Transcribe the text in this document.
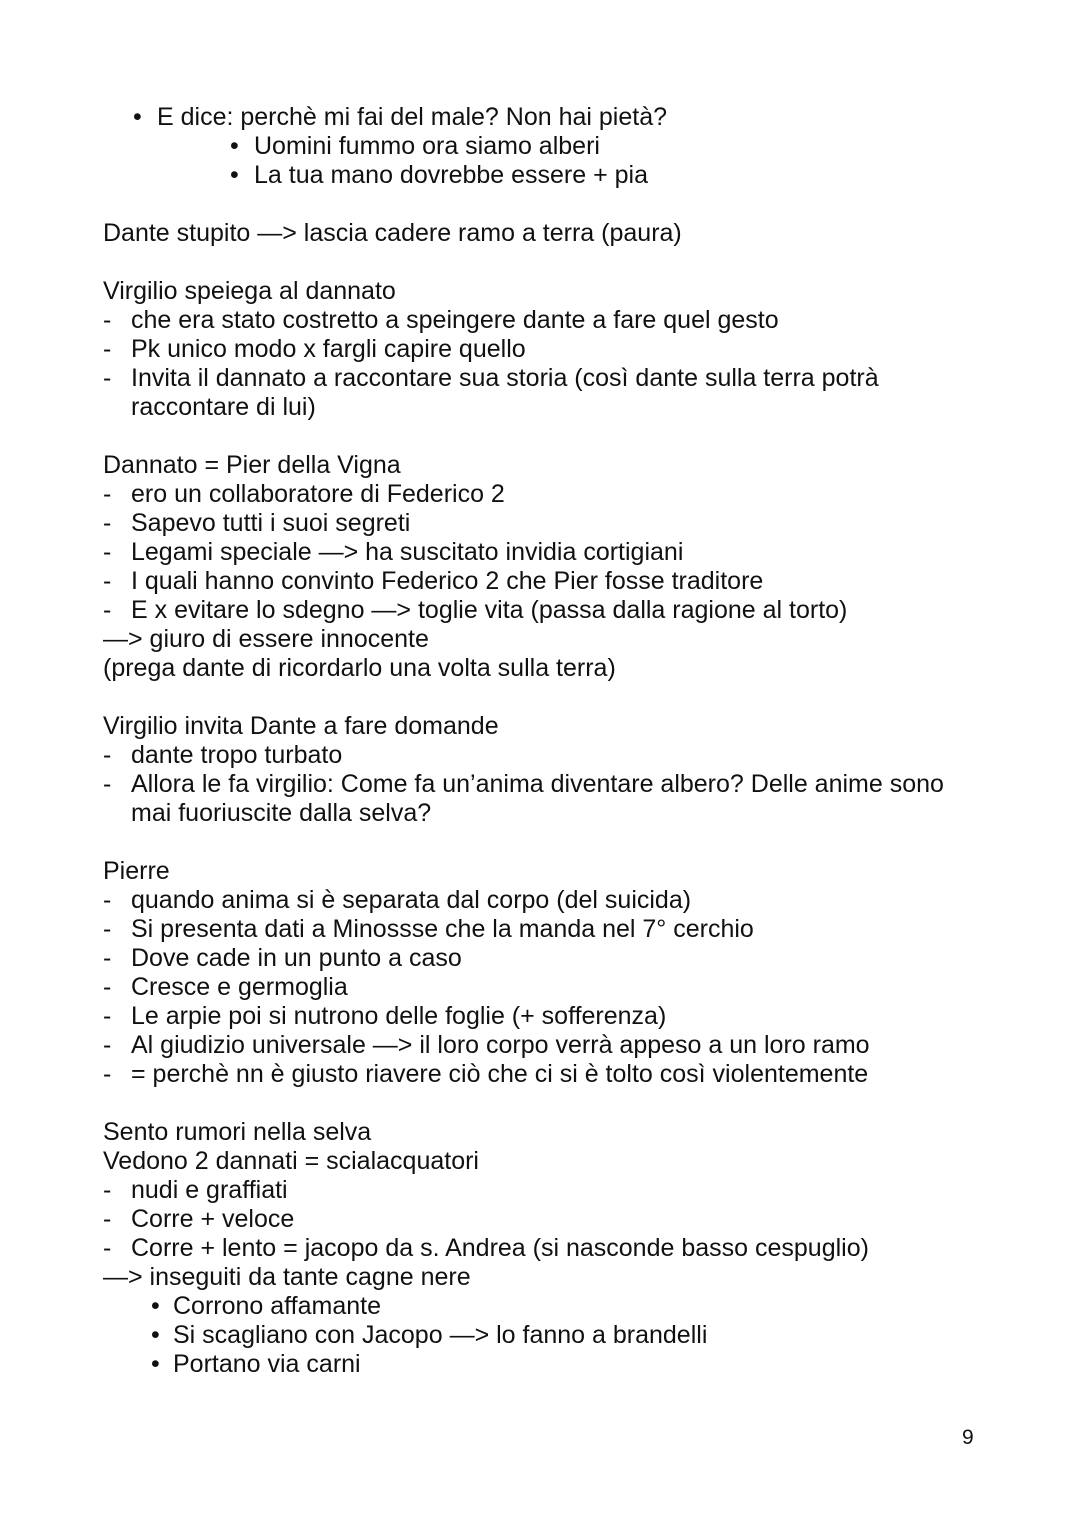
• E dice: perchè mi fai del male? Non hai pietà?
• Uomini fummo ora siamo alberi
• La tua mano dovrebbe essere + pia
Dante stupito —> lascia cadere ramo a terra (paura)
Virgilio speiega al dannato
- che era stato costretto a speingere dante a fare quel gesto
- Pk unico modo x fargli capire quello
- Invita il dannato a raccontare sua storia (così dante sulla terra potrà
raccontare di lui)
Dannato = Pier della Vigna
- ero un collaboratore di Federico 2
- Sapevo tutti i suoi segreti
- Legami speciale —> ha suscitato invidia cortigiani
- I quali hanno convinto Federico 2 che Pier fosse traditore
- E x evitare lo sdegno —> toglie vita (passa dalla ragione al torto)
—> giuro di essere innocente
(prega dante di ricordarlo una volta sulla terra)
Virgilio invita Dante a fare domande
- dante tropo turbato
- Allora le fa virgilio: Come fa un’anima diventare albero? Delle anime sono
mai fuoriuscite dalla selva?
Pierre
- quando anima si è separata dal corpo (del suicida)
- Si presenta dati a Minossse che la manda nel 7° cerchio
- Dove cade in un punto a caso
- Cresce e germoglia
- Le arpie poi si nutrono delle foglie (+ sofferenza)
- Al giudizio universale —> il loro corpo verrà appeso a un loro ramo
- = perchè nn è giusto riavere ciò che ci si è tolto così violentemente
Sento rumori nella selva
Vedono 2 dannati = scialacquatori
- nudi e graffiati
- Corre + veloce
- Corre + lento = jacopo da s. Andrea (si nasconde basso cespuglio)
—> inseguiti da tante cagne nere
• Corrono affamante
• Si scagliano con Jacopo —> lo fanno a brandelli
• Portano via carni
9
